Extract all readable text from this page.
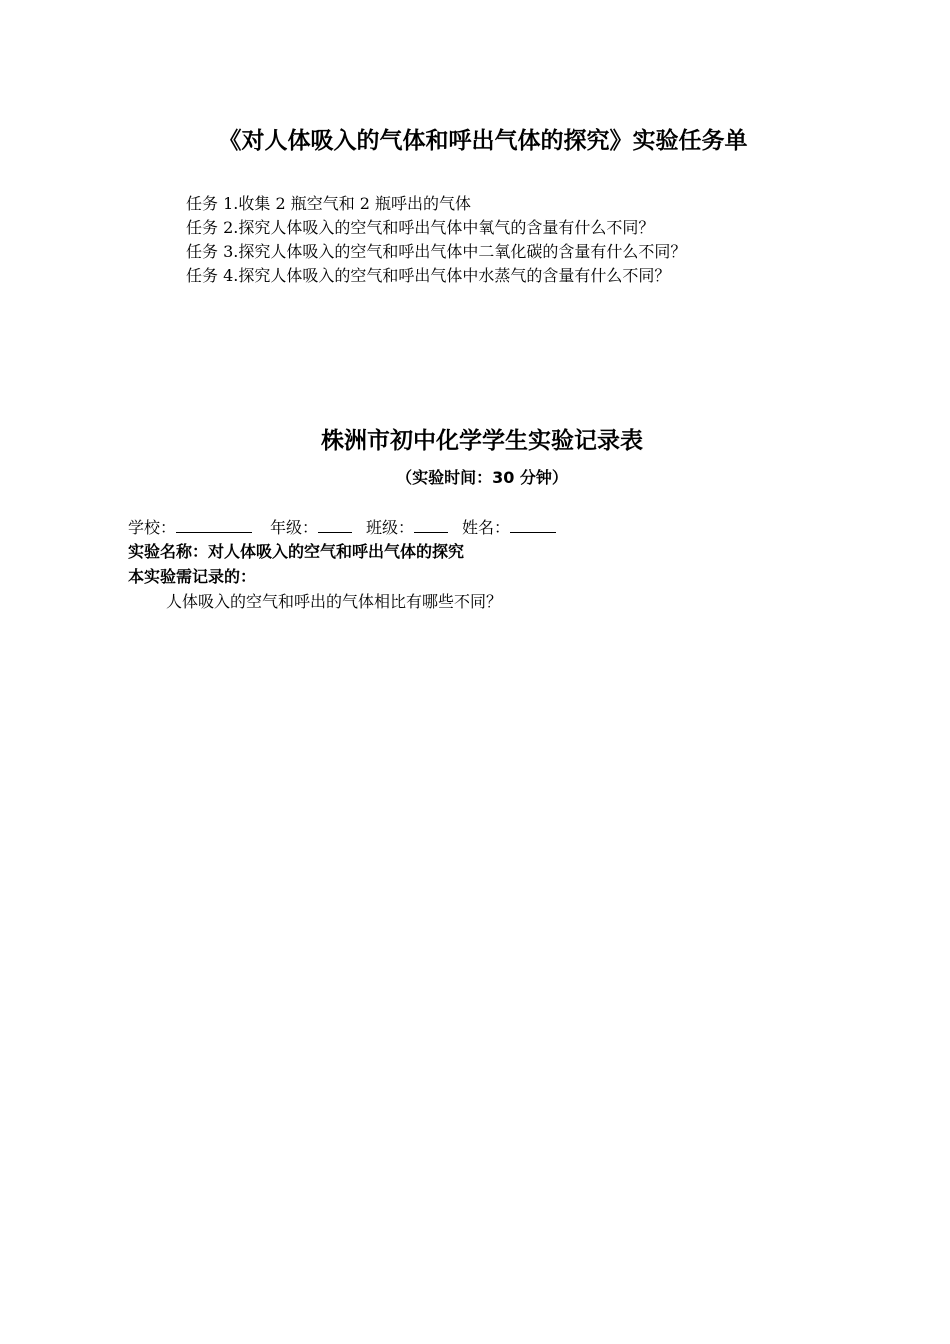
《对人体吸入的气体和呼出气体的探究》实验任务单
任务 1.收集 2 瓶空气和 2 瓶呼出的气体
任务 2.探究人体吸入的空气和呼出气体中氧气的含量有什么不同？
任务 3.探究人体吸入的空气和呼出气体中二氧化碳的含量有什么不同？
任务 4.探究人体吸入的空气和呼出气体中水蒸气的含量有什么不同？
株洲市初中化学学生实验记录表
（实验时间：30 分钟）
学校：	年级：	班级：	姓名：
实验名称：对人体吸入的空气和呼出气体的探究
本实验需记录的：
人体吸入的空气和呼出的气体相比有哪些不同？
